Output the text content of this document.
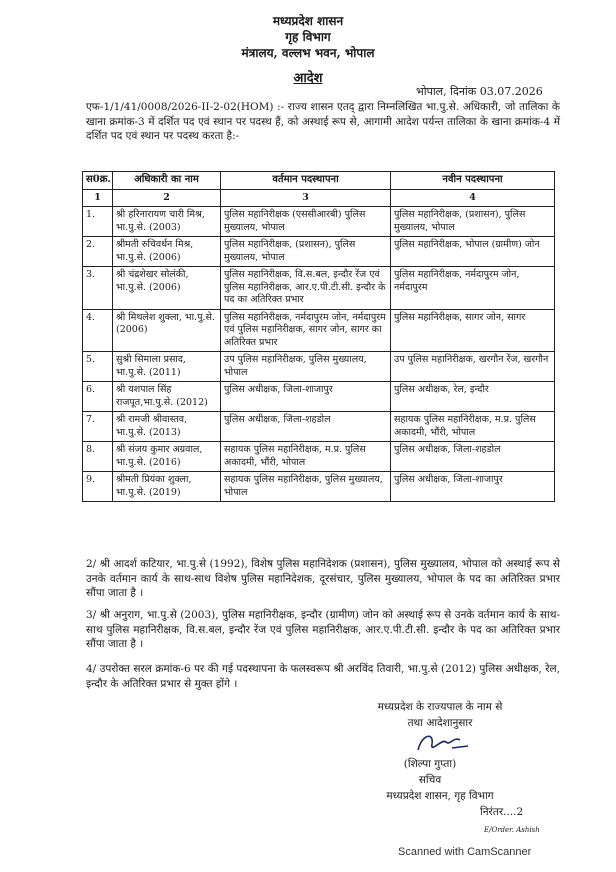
मध्यप्रदेश शासन
गृह विभाग
मंत्रालय, वल्लभ भवन, भोपाल
आदेश
भोपाल, दिनांक 03.07.2026
एफ-1/1/41/0008/2026-II-2-02(HOM) :- राज्य शासन एतद् द्वारा निम्नलिखित भा.पु.से. अधिकारी, जो तालिका के खाना क्रमांक-3 में दर्शित पद एवं स्थान पर पदस्थ हैं, को अस्थाई रूप से, आगामी आदेश पर्यन्त तालिका के खाना क्रमांक-4 में दर्शित पद एवं स्थान पर पदस्थ करता है:-
स0क्र.	अधिकारी का नाम	वर्तमान पदस्थापना	नवीन पदस्थापना
1	2	3	4
1.	श्री हरिनारायण चारी मिश्र, भा.पु.से. (2003)	पुलिस महानिरीक्षक (एससीआरबी) पुलिस मुख्यालय, भोपाल	पुलिस महानिरीक्षक, (प्रशासन), पुलिस मुख्यालय, भोपाल
2.	श्रीमती रुचिवर्धन मिश्र, भा.पु.से. (2006)	पुलिस महानिरीक्षक, (प्रशासन), पुलिस मुख्यालय, भोपाल	पुलिस महानिरीक्षक, भोपाल (ग्रामीण) जोन
3.	श्री चंद्रशेखर सोलंकी, भा.पु.से. (2006)	पुलिस महानिरीक्षक, वि.स.बल, इन्दौर रेंज एवं पुलिस महानिरीक्षक, आर.ए.पी.टी.सी. इन्दौर के पद का अतिरिक्त प्रभार	पुलिस महानिरीक्षक, नर्मदापुरम जोन, नर्मदापुरम
4.	श्री मिथलेश शुक्ला, भा.पु.से. (2006)	पुलिस महानिरीक्षक, नर्मदापुरम जोन, नर्मदापुरम एवं पुलिस महानिरीक्षक, सागर जोन, सागर का अतिरिक्त प्रभार	पुलिस महानिरीक्षक, सागर जोन, सागर
5.	सुश्री सिमाला प्रसाद, भा.पु.से. (2011)	उप पुलिस महानिरीक्षक, पुलिस मुख्यालय, भोपाल	उप पुलिस महानिरीक्षक, खरगौन रेंज, खरगौन
6.	श्री यशपाल सिंह राजपूत,भा.पु.से. (2012)	पुलिस अधीक्षक, जिला-शाजापुर	पुलिस अधीक्षक, रेल, इन्दौर
7.	श्री रामजी श्रीवास्तव, भा.पु.से. (2013)	पुलिस अधीक्षक, जिला-शहडोल	सहायक पुलिस महानिरीक्षक, म.प्र. पुलिस अकादमी, भौंरी, भोपाल
8.	श्री संजय कुमार अग्रवाल, भा.पु.से. (2016)	सहायक पुलिस महानिरीक्षक, म.प्र. पुलिस अकादमी, भौंरी, भोपाल	पुलिस अधीक्षक, जिला-शहडोल
9.	श्रीमती प्रियंका शुक्ला, भा.पु.से. (2019)	सहायक पुलिस महानिरीक्षक, पुलिस मुख्यालय, भोपाल	पुलिस अधीक्षक, जिला-शाजापुर
2/ श्री आदर्श कटियार, भा.पु.से (1992), विशेष पुलिस महानिदेशक (प्रशासन), पुलिस मुख्यालय, भोपाल को अस्थाई रूप से उनके वर्तमान कार्य के साथ-साथ विशेष पुलिस महानिदेशक, दूरसंचार, पुलिस मुख्यालय, भोपाल के पद का अतिरिक्त प्रभार सौंपा जाता है ।
3/ श्री अनुराग, भा.पु.से (2003), पुलिस महानिरीक्षक, इन्दौर (ग्रामीण) जोन को अस्थाई रूप से उनके वर्तमान कार्य के साथ-साथ पुलिस महानिरीक्षक, वि.स.बल, इन्दौर रेंज एवं पुलिस महानिरीक्षक, आर.ए.पी.टी.सी. इन्दौर के पद का अतिरिक्त प्रभार सौंपा जाता है ।
4/ उपरोक्त सरल क्रमांक-6 पर की गई पदस्थापना के फलस्वरूप श्री अरविंद तिवारी, भा.पु.से (2012) पुलिस अधीक्षक, रेल, इन्दौर के अतिरिक्त प्रभार से मुक्त होंगे ।
मध्यप्रदेश के राज्यपाल के नाम से
तथा आदेशानुसार
(शिल्पा गुप्ता)
सचिव
मध्यप्रदेश शासन, गृह विभाग
निरंतर....2
E/Order. Ashish
Scanned with CamScanner
